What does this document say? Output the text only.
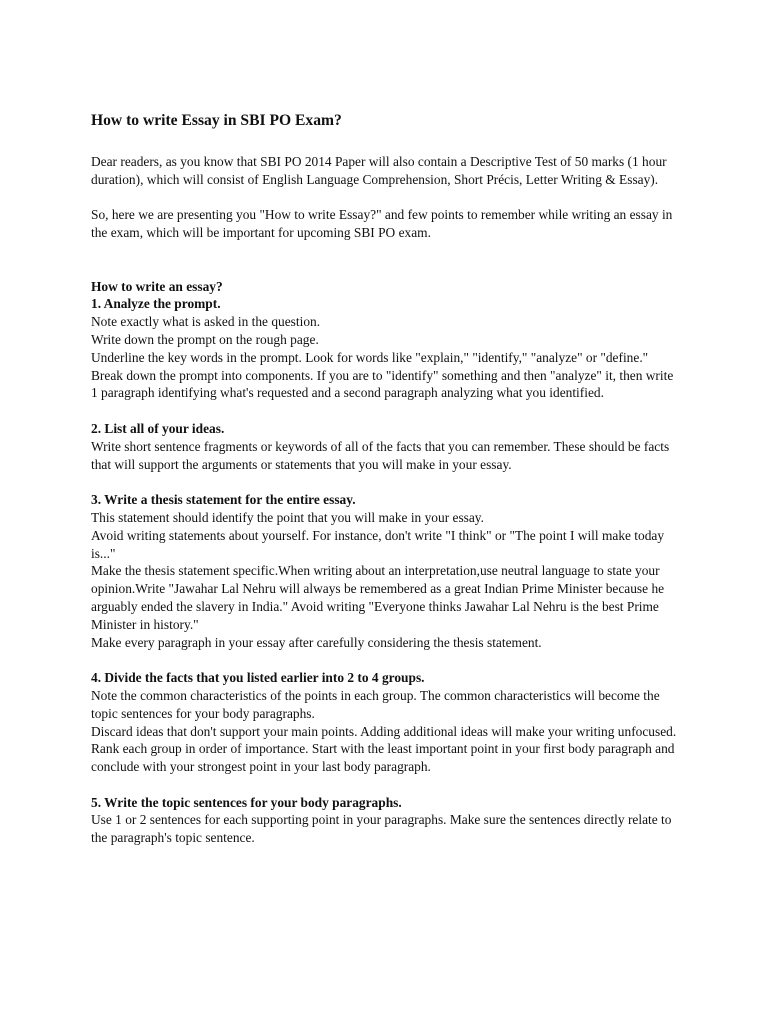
How to write Essay in SBI PO Exam?

Dear readers, as you know that SBI PO 2014 Paper will also contain a Descriptive Test of 50 marks (1 hour duration), which will consist of English Language Comprehension, Short Précis, Letter Writing & Essay).

So, here we are presenting you "How to write Essay?" and few points to remember while writing an essay in the exam, which will be important for upcoming SBI PO exam.

How to write an essay?
1. Analyze the prompt.
Note exactly what is asked in the question.
Write down the prompt on the rough page.
Underline the key words in the prompt. Look for words like "explain," "identify," "analyze" or "define."
Break down the prompt into components. If you are to "identify" something and then "analyze" it, then write 1 paragraph identifying what's requested and a second paragraph analyzing what you identified.
2. List all of your ideas.
Write short sentence fragments or keywords of all of the facts that you can remember. These should be facts that will support the arguments or statements that you will make in your essay.
3. Write a thesis statement for the entire essay.
This statement should identify the point that you will make in your essay.
Avoid writing statements about yourself. For instance, don't write "I think" or "The point I will make today is..."
Make the thesis statement specific.When writing about an interpretation,use neutral language to state your opinion.Write "Jawahar Lal Nehru will always be remembered as a great Indian Prime Minister because he arguably ended the slavery in India." Avoid writing "Everyone thinks Jawahar Lal Nehru is the best Prime Minister in history."
Make every paragraph in your essay after carefully considering the thesis statement.
4. Divide the facts that you listed earlier into 2 to 4 groups.
Note the common characteristics of the points in each group. The common characteristics will become the topic sentences for your body paragraphs.
Discard ideas that don't support your main points. Adding additional ideas will make your writing unfocused.
Rank each group in order of importance. Start with the least important point in your first body paragraph and conclude with your strongest point in your last body paragraph.
5. Write the topic sentences for your body paragraphs.
Use 1 or 2 sentences for each supporting point in your paragraphs. Make sure the sentences directly relate to the paragraph's topic sentence.
